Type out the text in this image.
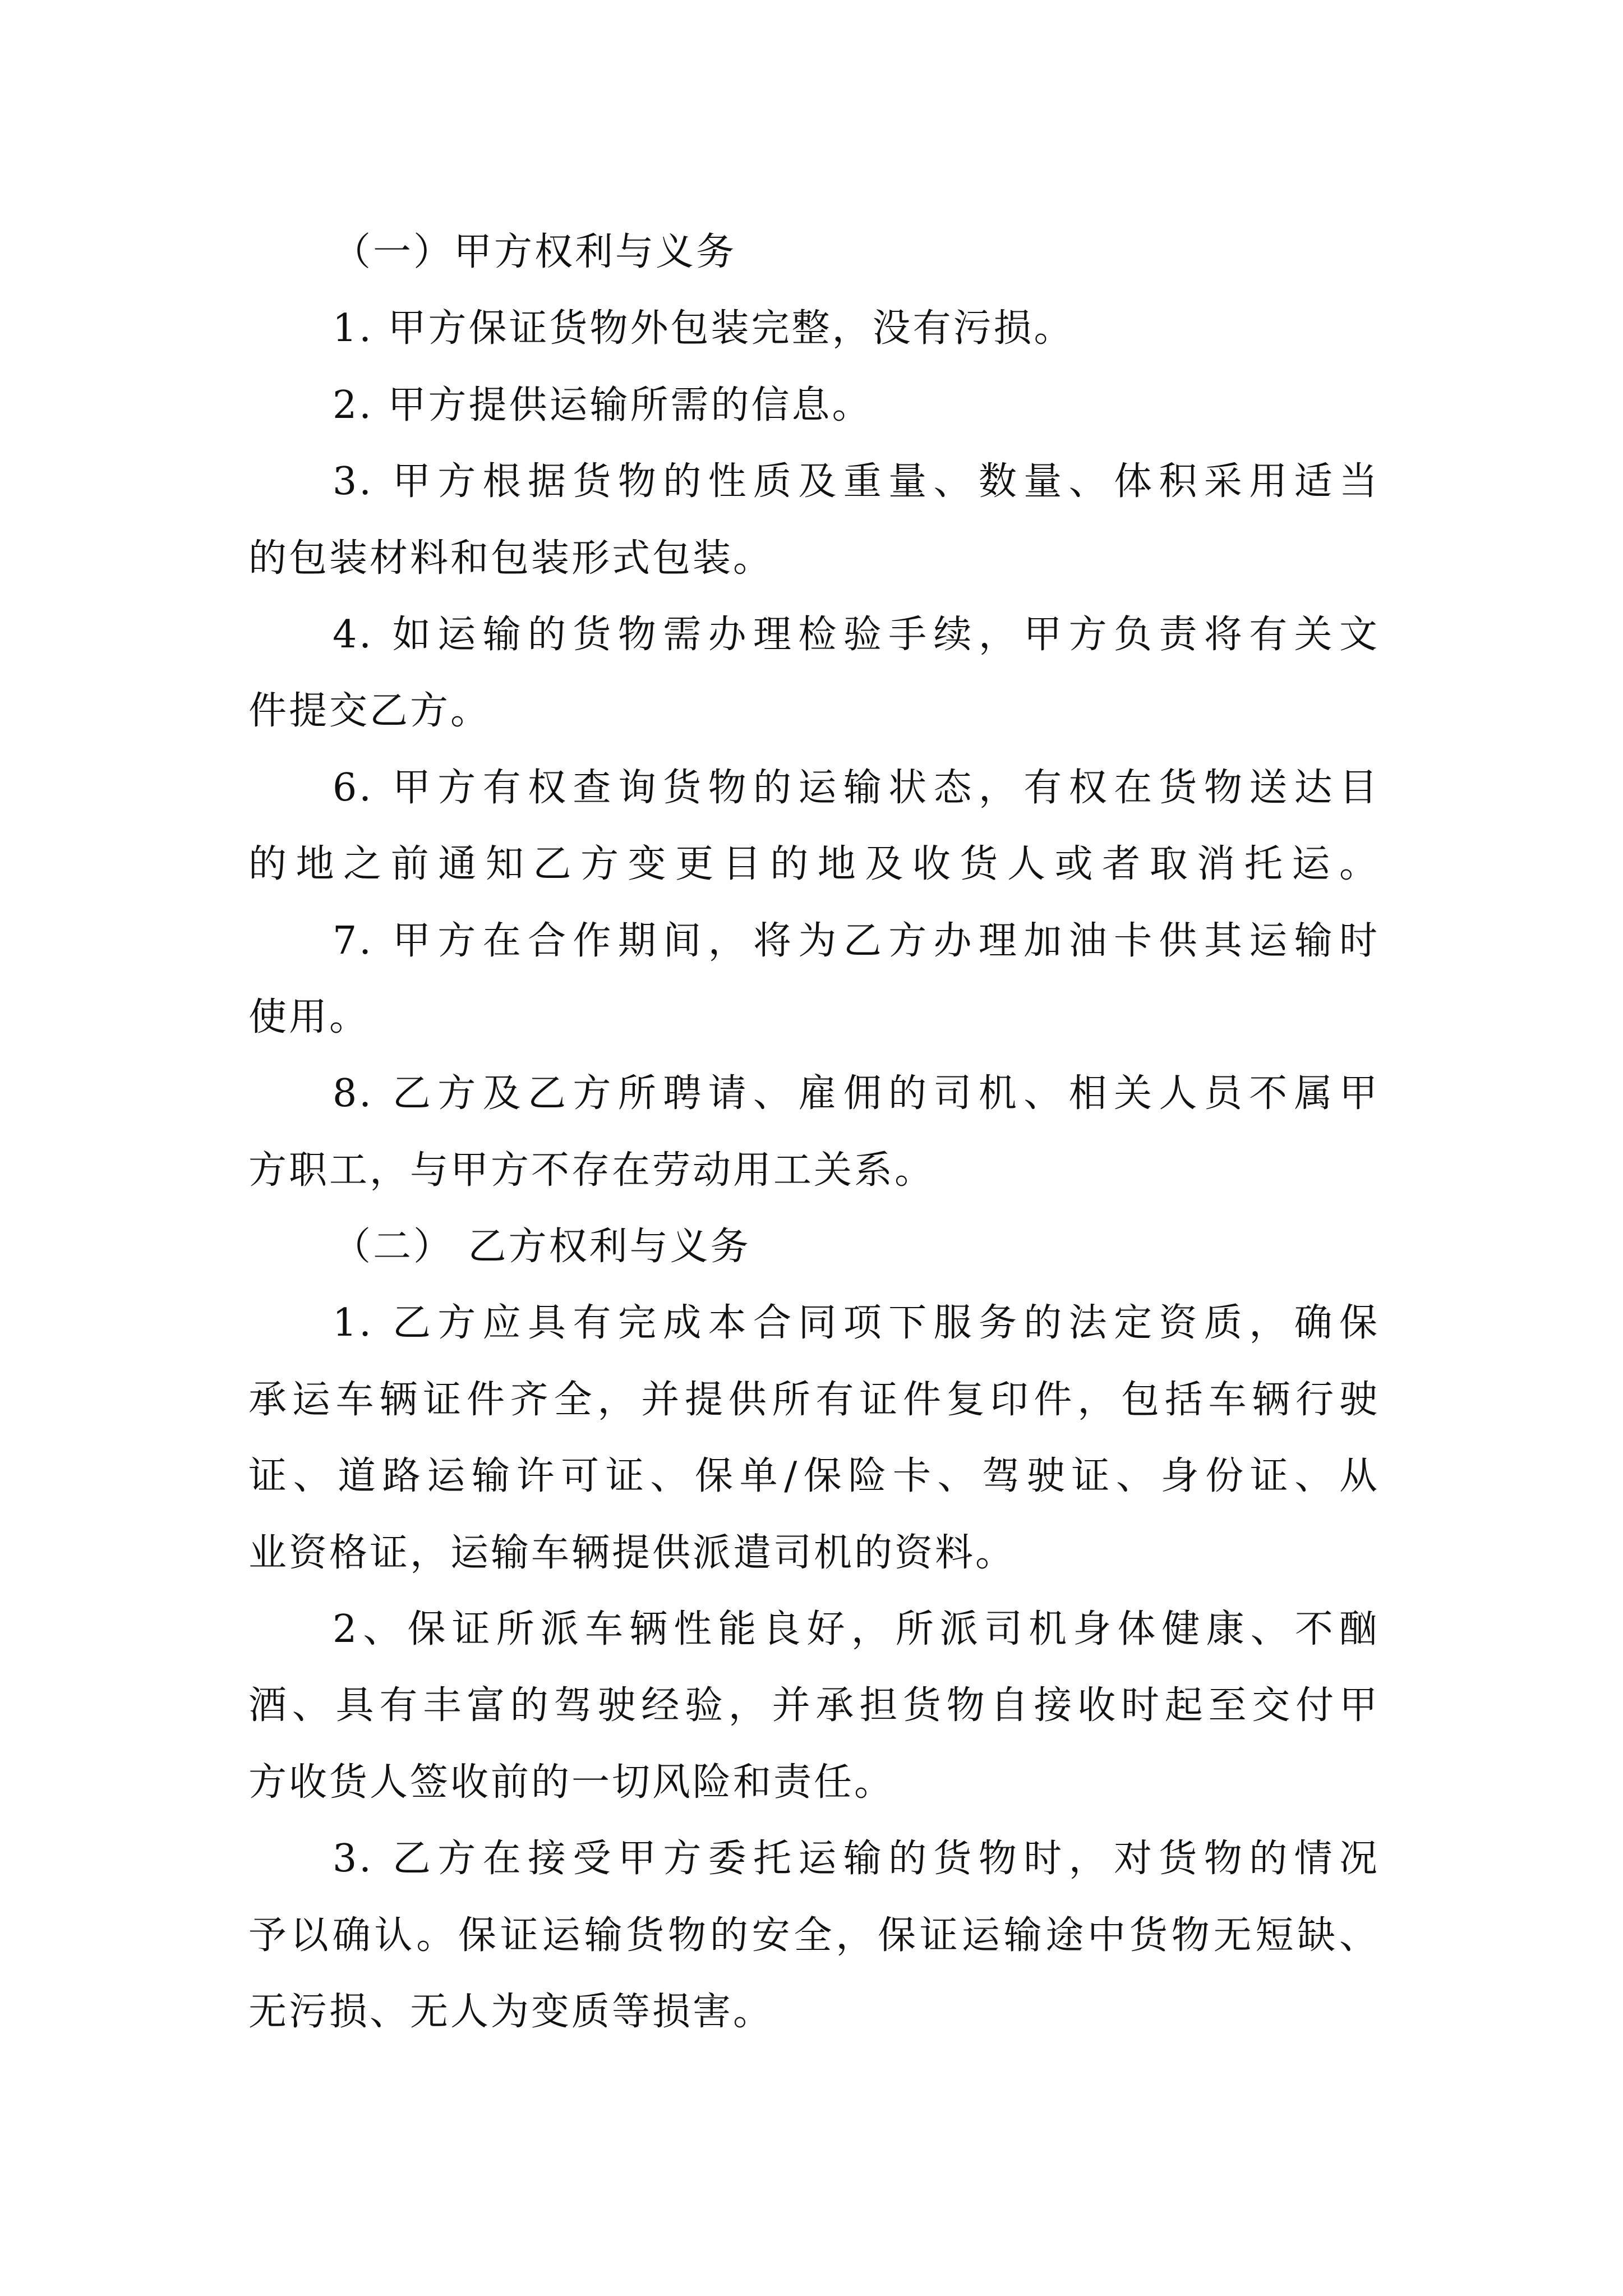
（一）甲方权利与义务
1. 甲方保证货物外包装完整，没有污损。
2. 甲方提供运输所需的信息。
3. 甲方根据货物的性质及重量、数量、体积采用适当
的包装材料和包装形式包装。
4. 如运输的货物需办理检验手续，甲方负责将有关文
件提交乙方。
6. 甲方有权查询货物的运输状态，有权在货物送达目
的地之前通知乙方变更目的地及收货人或者取消托运。
7. 甲方在合作期间，将为乙方办理加油卡供其运输时
使用。
8. 乙方及乙方所聘请、雇佣的司机、相关人员不属甲
方职工，与甲方不存在劳动用工关系。
（二） 乙方权利与义务
1. 乙方应具有完成本合同项下服务的法定资质，确保
承运车辆证件齐全，并提供所有证件复印件，包括车辆行驶
证、道路运输许可证、保单/保险卡、驾驶证、身份证、从
业资格证，运输车辆提供派遣司机的资料。
2、保证所派车辆性能良好，所派司机身体健康、不酗
酒、具有丰富的驾驶经验，并承担货物自接收时起至交付甲
方收货人签收前的一切风险和责任。
3. 乙方在接受甲方委托运输的货物时，对货物的情况
予以确认。保证运输货物的安全，保证运输途中货物无短缺、
无污损、无人为变质等损害。
